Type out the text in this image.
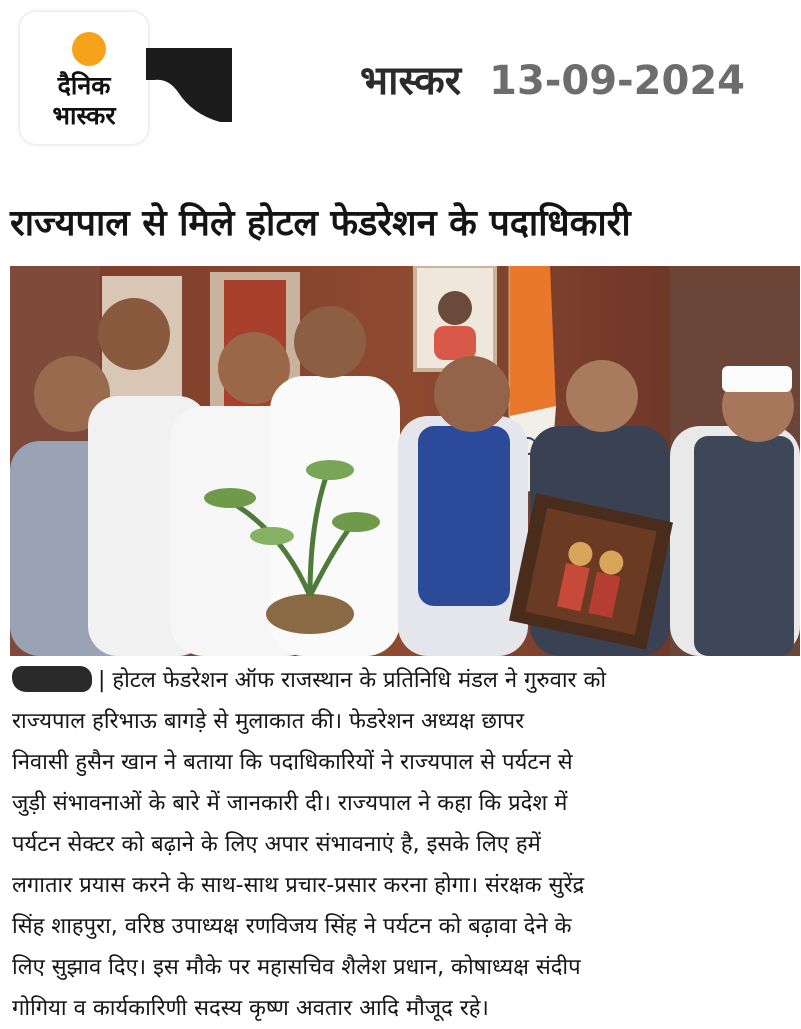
दैनिक
भास्कर
भास्कर 13-09-2024
राज्यपाल से मिले होटल फेडरेशन के पदाधिकारी

| होटल फेडरेशन ऑफ राजस्थान के प्रतिनिधि मंडल ने गुरुवार को

राज्यपाल हरिभाऊ बागड़े से मुलाकात की। फेडरेशन अध्यक्ष छापर

निवासी हुसैन खान ने बताया कि पदाधिकारियों ने राज्यपाल से पर्यटन से

जुड़ी संभावनाओं के बारे में जानकारी दी। राज्यपाल ने कहा कि प्रदेश में

पर्यटन सेक्टर को बढ़ाने के लिए अपार संभावनाएं है, इसके लिए हमें

लगातार प्रयास करने के साथ-साथ प्रचार-प्रसार करना होगा। संरक्षक सुरेंद्र

सिंह शाहपुरा, वरिष्ठ उपाध्यक्ष रणविजय सिंह ने पर्यटन को बढ़ावा देने के

लिए सुझाव दिए। इस मौके पर महासचिव शैलेश प्रधान, कोषाध्यक्ष संदीप

गोगिया व कार्यकारिणी सदस्य कृष्ण अवतार आदि मौजूद रहे।
